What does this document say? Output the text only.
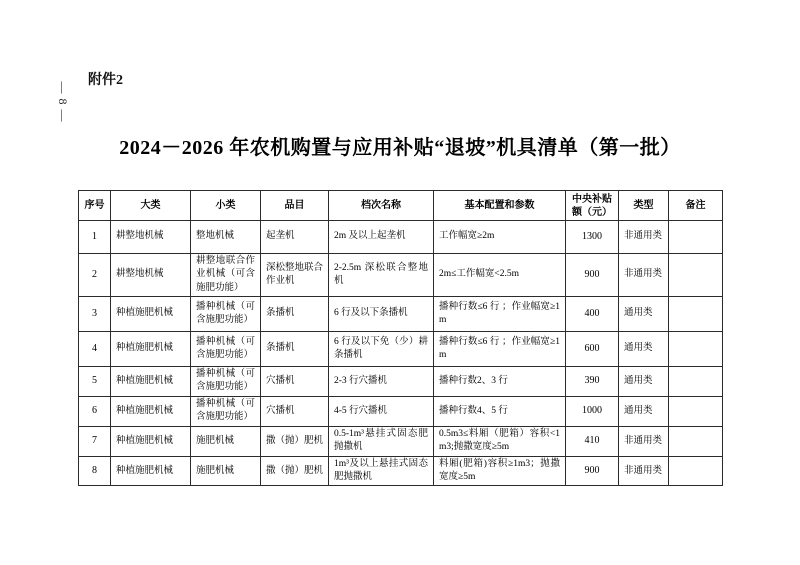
— 8 —
附件2
2024－2026 年农机购置与应用补贴“退坡”机具清单（第一批）
序号	大类	小类	品目	档次名称	基本配置和参数	中央补贴额（元）	类型	备注
1	耕整地机械	整地机械	起垄机	2m 及以上起垄机	工作幅宽≥2m	1300	非通用类	
2	耕整地机械	耕整地联合作业机械（可含施肥功能）	深松整地联合作业机	2-2.5m 深松联合整地机	2m≤工作幅宽<2.5m	900	非通用类	
3	种植施肥机械	播种机械（可含施肥功能）	条播机	6 行及以下条播机	播种行数≤6 行 ；作业幅宽≥1m	400	通用类	
4	种植施肥机械	播种机械（可含施肥功能）	条播机	6 行及以下免（少）耕条播机	播种行数≤6 行 ；作业幅宽≥1m	600	通用类	
5	种植施肥机械	播种机械（可含施肥功能）	穴播机	2-3 行穴播机	播种行数2、3 行	390	通用类	
6	种植施肥机械	播种机械（可含施肥功能）	穴播机	4-5 行穴播机	播种行数4、5 行	1000	通用类	
7	种植施肥机械	施肥机械	撒（抛）肥机	0.5-1m³悬挂式固态肥抛撒机	0.5m3≤料厢（肥箱）容积<1m3;抛撒宽度≥5m	410	非通用类	
8	种植施肥机械	施肥机械	撒（抛）肥机	1m³及以上悬挂式固态肥抛撒机	料厢(肥箱)容积≥1m3；抛撒宽度≥5m	900	非通用类	
